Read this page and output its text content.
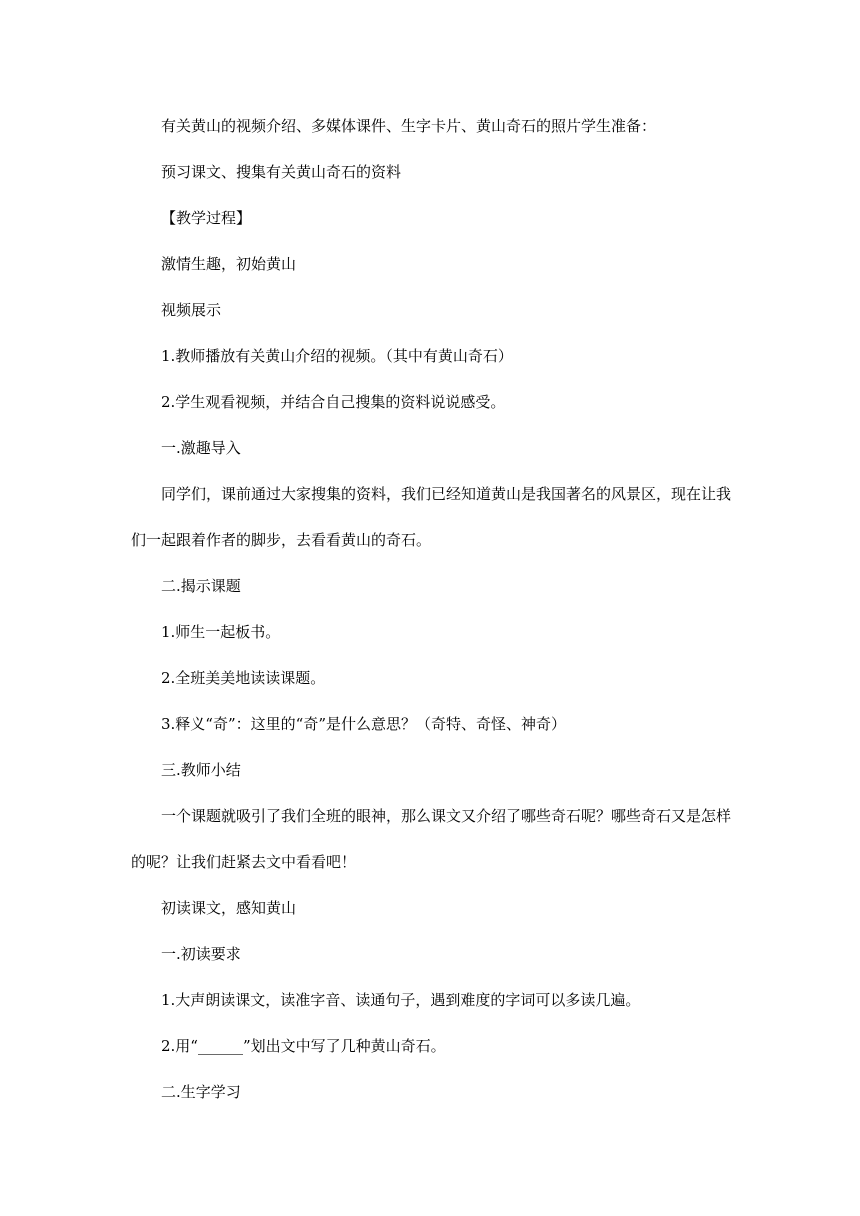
有关黄山的视频介绍、多媒体课件、生字卡片、黄山奇石的照片学生准备：

预习课文、搜集有关黄山奇石的资料

【教学过程】

激情生趣，初始黄山

视频展示

1.教师播放有关黄山介绍的视频。（其中有黄山奇石）

2.学生观看视频，并结合自己搜集的资料说说感受。

一.激趣导入

同学们，课前通过大家搜集的资料，我们已经知道黄山是我国著名的风景区，现在让我们一起跟着作者的脚步，去看看黄山的奇石。

二.揭示课题

1.师生一起板书。

2.全班美美地读读课题。

3.释义“奇”：这里的“奇”是什么意思？（奇特、奇怪、神奇）

三.教师小结

一个课题就吸引了我们全班的眼神，那么课文又介绍了哪些奇石呢？哪些奇石又是怎样的呢？让我们赶紧去文中看看吧！

初读课文，感知黄山

一.初读要求

1.大声朗读课文，读准字音、读通句子，遇到难度的字词可以多读几遍。

2.用“______”划出文中写了几种黄山奇石。

二.生字学习
